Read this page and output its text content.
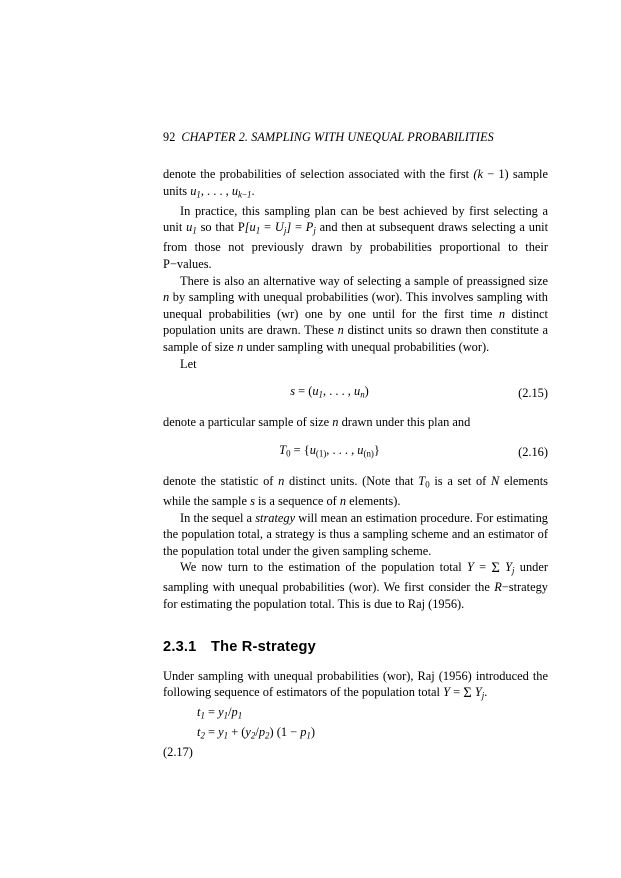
92 CHAPTER 2. SAMPLING WITH UNEQUAL PROBABILITIES

denote the probabilities of selection associated with the first (k − 1) sample units $u_1$, . . . , $u_{k-1}$.

In practice, this sampling plan can be best achieved by first selecting a unit $u_1$ so that $P[u_1 = U_j] = P_j$ and then at subsequent draws selecting a unit from those not previously drawn by probabilities proportional to their P−values.

There is also an alternative way of selecting a sample of preassigned size n by sampling with unequal probabilities (wor). This involves sampling with unequal probabilities (wr) one by one until for the first time n distinct population units are drawn. These n distinct units so drawn then constitute a sample of size n under sampling with unequal probabilities (wor).

Let

$s = (u_1$, . . . , $u_n$)	(2.15)

denote a particular sample of size n drawn under this plan and

$T_0 = \{u_{(1)}$, . . . , $u_{(n)}$}	(2.16)

denote the statistic of n distinct units. (Note that $T_0$ is a set of N elements while the sample s is a sequence of n elements).

In the sequel a strategy will mean an estimation procedure. For estimating the population total, a strategy is thus a sampling scheme and an estimator of the population total under the given sampling scheme.

We now turn to the estimation of the population total Y = Σ $Y_j$ under sampling with unequal probabilities (wor). We first consider the R−strategy for estimating the population total. This is due to Raj (1956).

2.3.1 The R-strategy

Under sampling with unequal probabilities (wor), Raj (1956) introduced the following sequence of estimators of the population total Y = Σ $Y_j$.

$t_1 = y_1/p_1$
$t_2 = y_1 + (y_2/p_2) (1 - p_1)$
(2.17)
